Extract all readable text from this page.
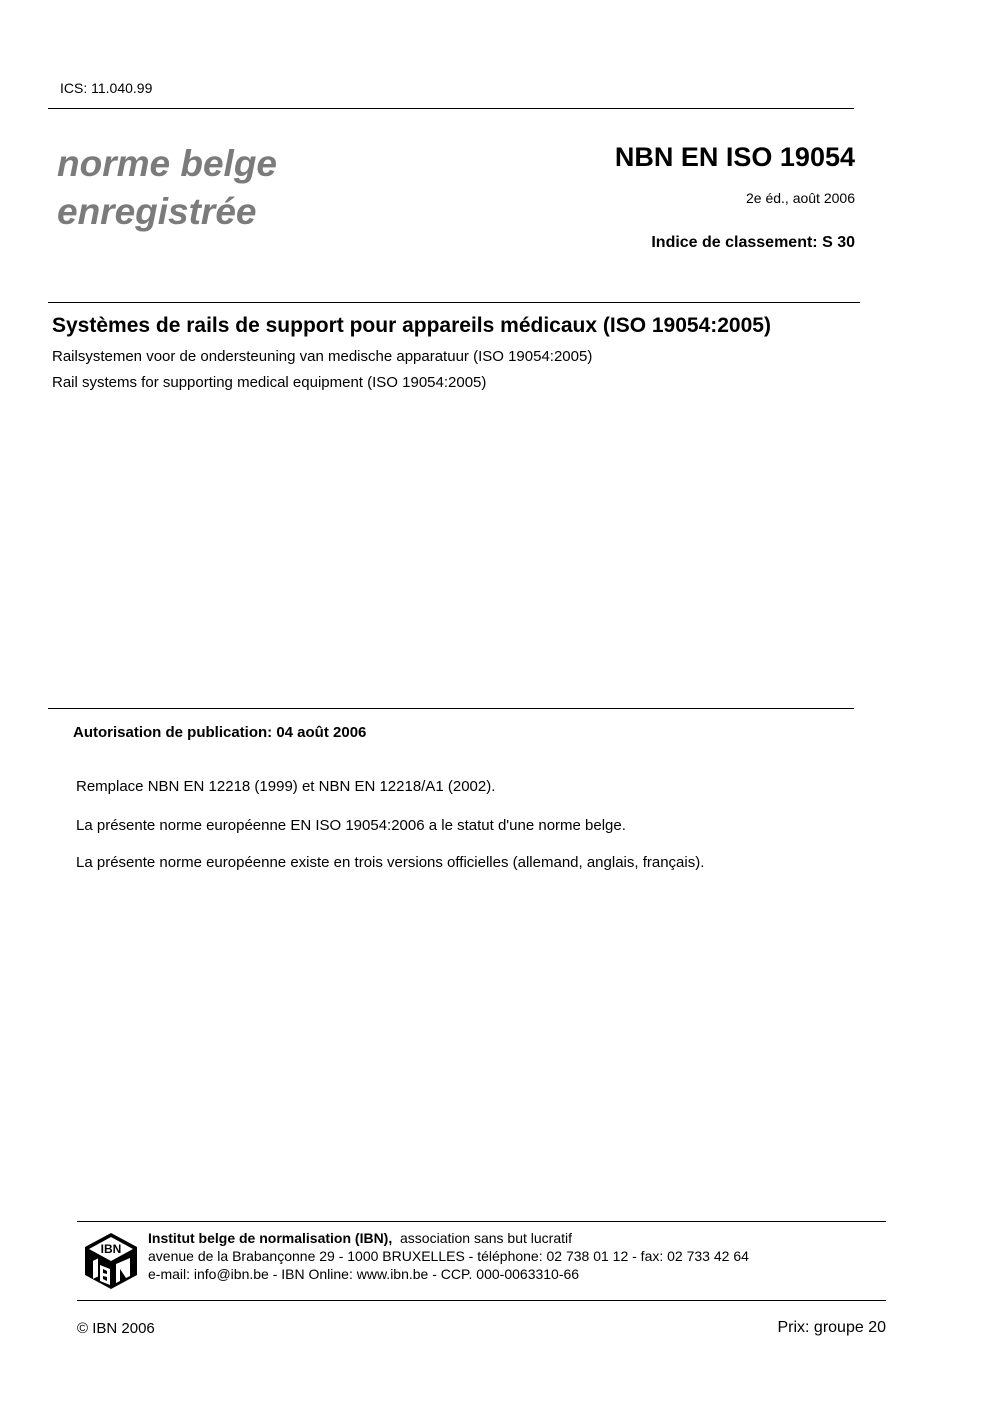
ICS: 11.040.99
norme belge
enregistrée
NBN EN ISO 19054
2e éd., août 2006
Indice de classement: S 30
Systèmes de rails de support pour appareils médicaux (ISO 19054:2005)
Railsystemen voor de ondersteuning van medische apparatuur (ISO 19054:2005)
Rail systems for supporting medical equipment (ISO 19054:2005)
Autorisation de publication: 04 août 2006
Remplace NBN EN 12218 (1999) et NBN EN 12218/A1 (2002).
La présente norme européenne EN ISO 19054:2006 a le statut d'une norme belge.
La présente norme européenne existe en trois versions officielles (allemand, anglais, français).
IBN
Institut belge de normalisation (IBN), association sans but lucratif
avenue de la Brabançonne 29 - 1000 BRUXELLES - téléphone: 02 738 01 12 - fax: 02 733 42 64
e-mail: info@ibn.be - IBN Online: www.ibn.be - CCP. 000-0063310-66
© IBN 2006	Prix: groupe 20
